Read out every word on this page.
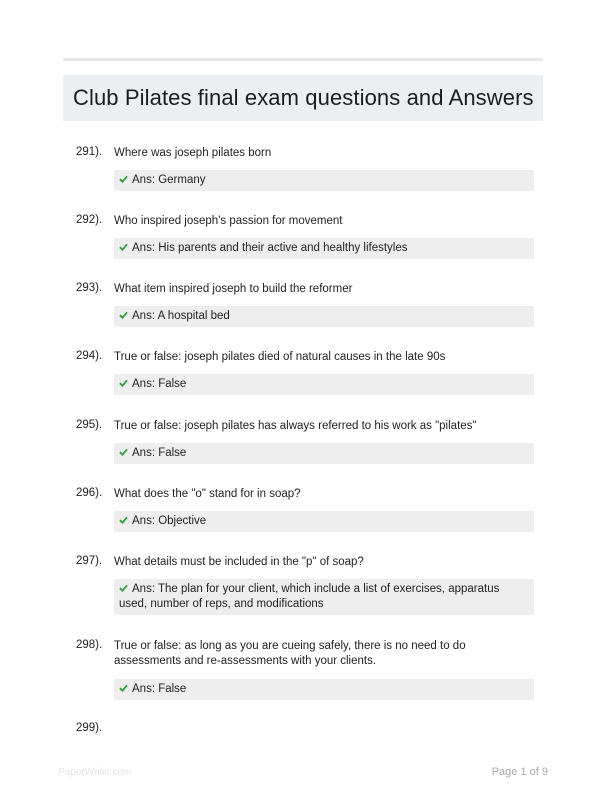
Club Pilates final exam questions and Answers
291). Where was joseph pilates born
Ans: Germany
292). Who inspired joseph's passion for movement
Ans: His parents and their active and healthy lifestyles
293). What item inspired joseph to build the reformer
Ans: A hospital bed
294). True or false: joseph pilates died of natural causes in the late 90s
Ans: False
295). True or false: joseph pilates has always referred to his work as "pilates"
Ans: False
296). What does the "o" stand for in soap?
Ans: Objective
297). What details must be included in the "p" of soap?
Ans: The plan for your client, which include a list of exercises, apparatus used, number of reps, and modifications
298). True or false: as long as you are cueing safely, there is no need to do assessments and re-assessments with your clients.
Ans: False
299).
PaperWritic.com	Page 1 of 9
